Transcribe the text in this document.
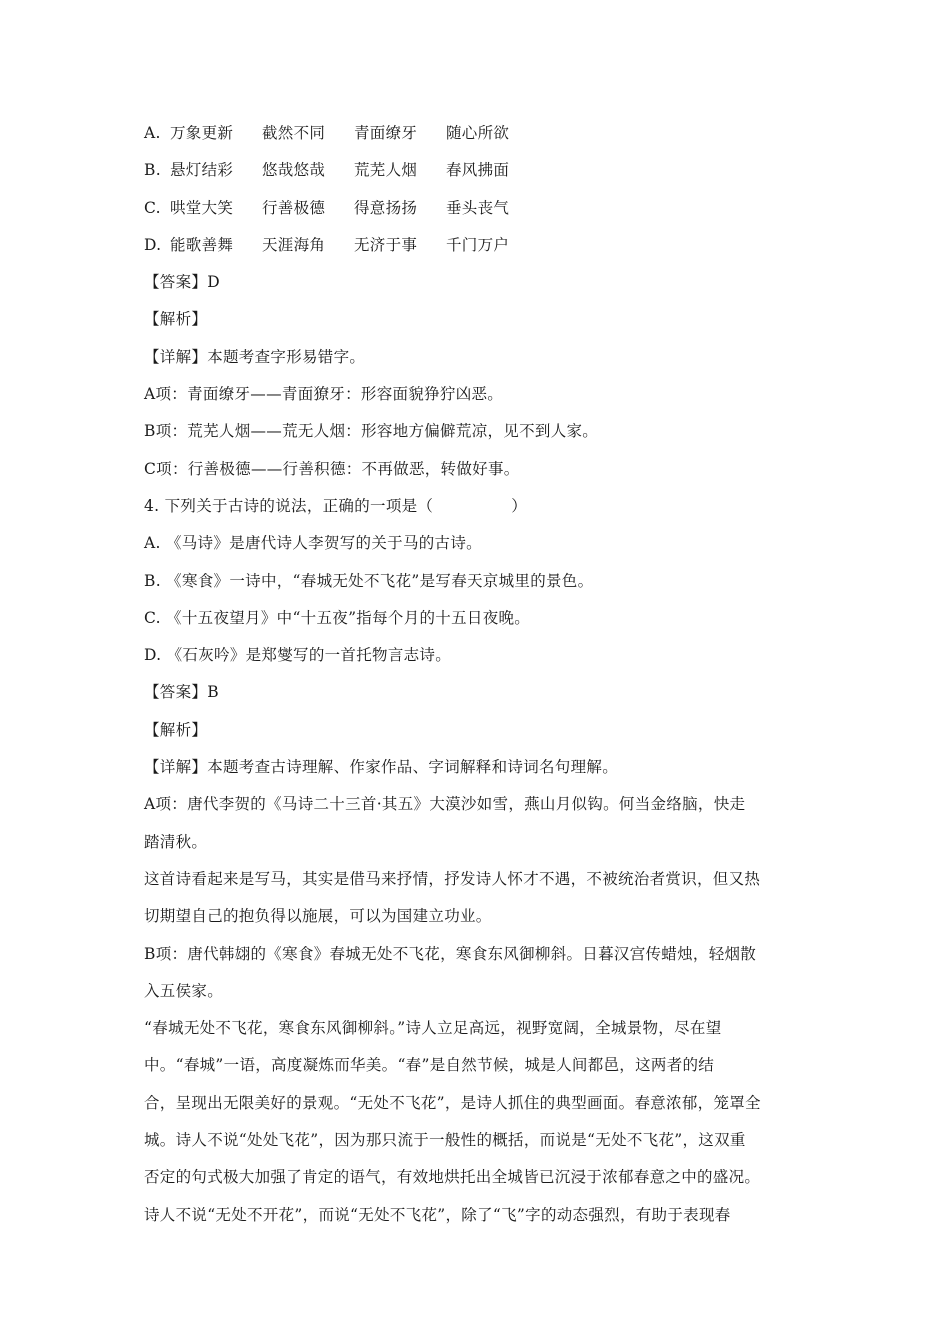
A. 万象更新	截然不同	青面缭牙	随心所欲
B. 悬灯结彩	悠哉悠哉	荒芜人烟	春风拂面
C. 哄堂大笑	行善极德	得意扬扬	垂头丧气
D. 能歌善舞	天涯海角	无济于事	千门万户
【答案】D
【解析】
【详解】本题考查字形易错字。
A项：青面缭牙——青面獠牙：形容面貌狰狞凶恶。
B项：荒芜人烟——荒无人烟：形容地方偏僻荒凉，见不到人家。
C项：行善极德——行善积德：不再做恶，转做好事。
4. 下列关于古诗的说法，正确的一项是（	）
A. 《马诗》是唐代诗人李贺写的关于马的古诗。
B. 《寒食》一诗中，“春城无处不飞花”是写春天京城里的景色。
C. 《十五夜望月》中“十五夜”指每个月的十五日夜晚。
D. 《石灰吟》是郑燮写的一首托物言志诗。
【答案】B
【解析】
【详解】本题考查古诗理解、作家作品、字词解释和诗词名句理解。
A项：唐代李贺的《马诗二十三首·其五》大漠沙如雪，燕山月似钩。何当金络脑，快走
踏清秋。
这首诗看起来是写马，其实是借马来抒情，抒发诗人怀才不遇，不被统治者赏识，但又热
切期望自己的抱负得以施展，可以为国建立功业。
B项：唐代韩翃的《寒食》春城无处不飞花，寒食东风御柳斜。日暮汉宫传蜡烛，轻烟散
入五侯家。
“春城无处不飞花，寒食东风御柳斜。”诗人立足高远，视野宽阔，全城景物，尽在望
中。“春城”一语，高度凝炼而华美。“春”是自然节候，城是人间都邑，这两者的结
合，呈现出无限美好的景观。“无处不飞花”，是诗人抓住的典型画面。春意浓郁，笼罩全
城。诗人不说“处处飞花”，因为那只流于一般性的概括，而说是“无处不飞花”，这双重
否定的句式极大加强了肯定的语气，有效地烘托出全城皆已沉浸于浓郁春意之中的盛况。
诗人不说“无处不开花”，而说“无处不飞花”，除了“飞”字的动态强烈，有助于表现春
